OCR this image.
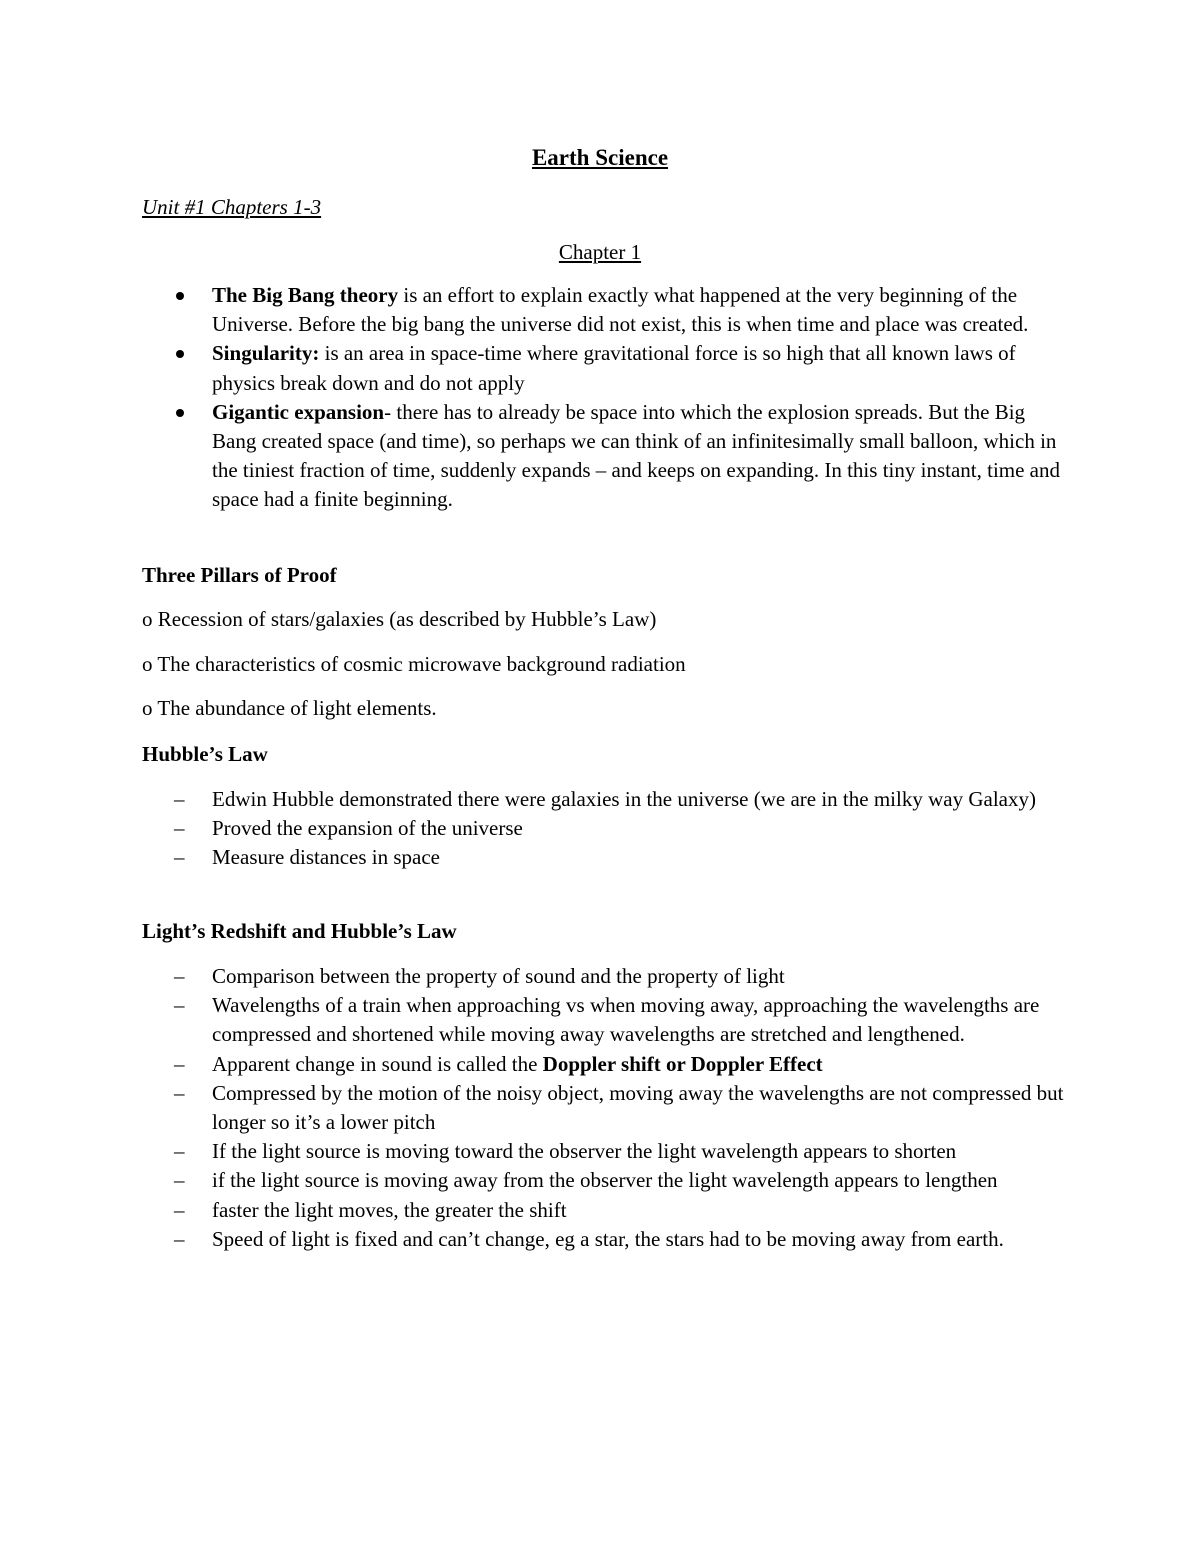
Earth Science
Unit #1 Chapters 1-3
Chapter 1
The Big Bang theory is an effort to explain exactly what happened at the very beginning of the Universe. Before the big bang the universe did not exist, this is when time and place was created.
Singularity: is an area in space-time where gravitational force is so high that all known laws of physics break down and do not apply
Gigantic expansion- there has to already be space into which the explosion spreads. But the Big Bang created space (and time), so perhaps we can think of an infinitesimally small balloon, which in the tiniest fraction of time, suddenly expands – and keeps on expanding. In this tiny instant, time and space had a finite beginning.
Three Pillars of Proof
o Recession of stars/galaxies (as described by Hubble’s Law)
o The characteristics of cosmic microwave background radiation
o The abundance of light elements.
Hubble’s Law
– Edwin Hubble demonstrated there were galaxies in the universe (we are in the milky way Galaxy)
– Proved the expansion of the universe
– Measure distances in space
Light’s Redshift and Hubble’s Law
– Comparison between the property of sound and the property of light
– Wavelengths of a train when approaching vs when moving away, approaching the wavelengths are compressed and shortened while moving away wavelengths are stretched and lengthened.
– Apparent change in sound is called the Doppler shift or Doppler Effect
– Compressed by the motion of the noisy object, moving away the wavelengths are not compressed but longer so it’s a lower pitch
– If the light source is moving toward the observer the light wavelength appears to shorten
– if the light source is moving away from the observer the light wavelength appears to lengthen
– faster the light moves, the greater the shift
– Speed of light is fixed and can’t change, eg a star, the stars had to be moving away from earth.
